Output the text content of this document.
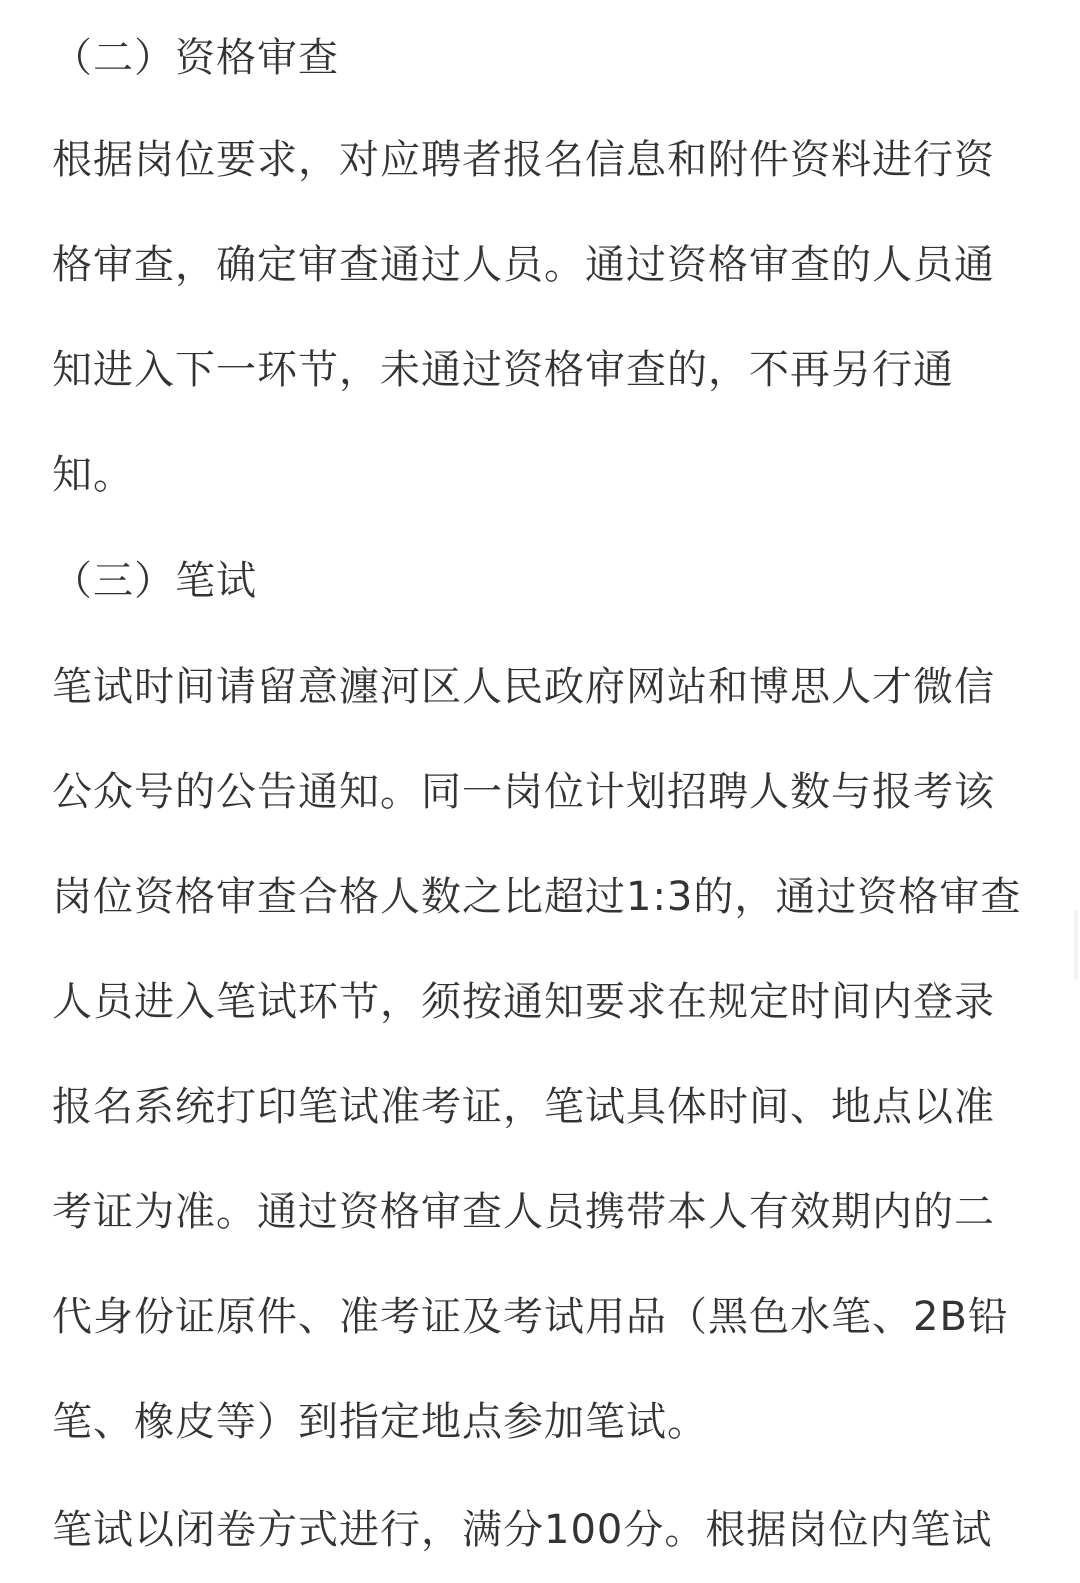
（二）资格审查
根据岗位要求，对应聘者报名信息和附件资料进行资
格审查，确定审查通过人员。通过资格审查的人员通
知进入下一环节，未通过资格审查的，不再另行通
知。
（三）笔试
笔试时间请留意瀍河区人民政府网站和博思人才微信
公众号的公告通知。同一岗位计划招聘人数与报考该
岗位资格审查合格人数之比超过1:3的，通过资格审查
人员进入笔试环节，须按通知要求在规定时间内登录
报名系统打印笔试准考证，笔试具体时间、地点以准
考证为准。通过资格审查人员携带本人有效期内的二
代身份证原件、准考证及考试用品（黑色水笔、2B铅
笔、橡皮等）到指定地点参加笔试。
笔试以闭卷方式进行，满分100分。根据岗位内笔试
